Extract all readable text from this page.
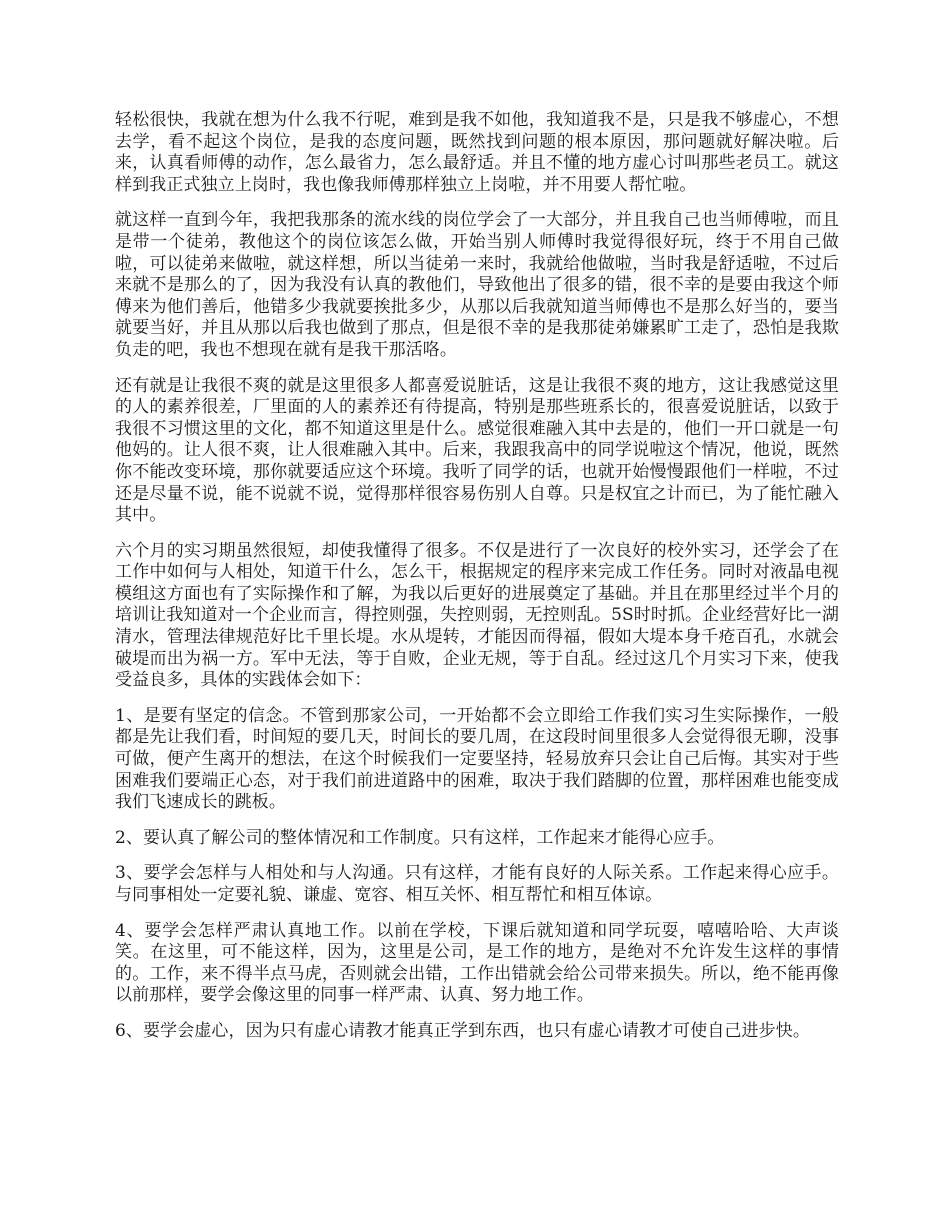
轻松很快，我就在想为什么我不行呢，难到是我不如他，我知道我不是，只是我不够虚心，不想去学，看不起这个岗位，是我的态度问题，既然找到问题的根本原因，那问题就好解决啦。后来，认真看师傅的动作，怎么最省力，怎么最舒适。并且不懂的地方虚心讨叫那些老员工。就这样到我正式独立上岗时，我也像我师傅那样独立上岗啦，并不用要人帮忙啦。

就这样一直到今年，我把我那条的流水线的岗位学会了一大部分，并且我自己也当师傅啦，而且是带一个徒弟，教他这个的岗位该怎么做，开始当别人师傅时我觉得很好玩，终于不用自己做啦，可以徒弟来做啦，就这样想，所以当徒弟一来时，我就给他做啦，当时我是舒适啦，不过后来就不是那么的了，因为我没有认真的教他们，导致他出了很多的错，很不幸的是要由我这个师傅来为他们善后，他错多少我就要挨批多少，从那以后我就知道当师傅也不是那么好当的，要当就要当好，并且从那以后我也做到了那点，但是很不幸的是我那徒弟嫌累旷工走了，恐怕是我欺负走的吧，我也不想现在就有是我干那活咯。

还有就是让我很不爽的就是这里很多人都喜爱说脏话，这是让我很不爽的地方，这让我感觉这里的人的素养很差，厂里面的人的素养还有待提高，特别是那些班系长的，很喜爱说脏话，以致于我很不习惯这里的文化，都不知道这里是什么。感觉很难融入其中去是的，他们一开口就是一句他妈的。让人很不爽，让人很难融入其中。后来，我跟我高中的同学说啦这个情况，他说，既然你不能改变环境，那你就要适应这个环境。我听了同学的话，也就开始慢慢跟他们一样啦，不过还是尽量不说，能不说就不说，觉得那样很容易伤别人自尊。只是权宜之计而已，为了能忙融入其中。

六个月的实习期虽然很短，却使我懂得了很多。不仅是进行了一次良好的校外实习，还学会了在工作中如何与人相处，知道干什么，怎么干，根据规定的程序来完成工作任务。同时对液晶电视模组这方面也有了实际操作和了解，为我以后更好的进展奠定了基础。并且在那里经过半个月的培训让我知道对一个企业而言，得控则强，失控则弱，无控则乱。5S时时抓。企业经营好比一湖清水，管理法律规范好比千里长堤。水从堤转，才能因而得福，假如大堤本身千疮百孔，水就会破堤而出为祸一方。军中无法，等于自败，企业无规，等于自乱。经过这几个月实习下来，使我受益良多，具体的实践体会如下：

1、是要有坚定的信念。不管到那家公司，一开始都不会立即给工作我们实习生实际操作，一般都是先让我们看，时间短的要几天，时间长的要几周，在这段时间里很多人会觉得很无聊，没事可做，便产生离开的想法，在这个时候我们一定要坚持，轻易放弃只会让自己后悔。其实对于些困难我们要端正心态，对于我们前进道路中的困难，取决于我们踏脚的位置，那样困难也能变成我们飞速成长的跳板。

2、要认真了解公司的整体情况和工作制度。只有这样，工作起来才能得心应手。

3、要学会怎样与人相处和与人沟通。只有这样，才能有良好的人际关系。工作起来得心应手。与同事相处一定要礼貌、谦虚、宽容、相互关怀、相互帮忙和相互体谅。

4、要学会怎样严肃认真地工作。以前在学校，下课后就知道和同学玩耍，嘻嘻哈哈、大声谈笑。在这里，可不能这样，因为，这里是公司，是工作的地方，是绝对不允许发生这样的事情的。工作，来不得半点马虎，否则就会出错，工作出错就会给公司带来损失。所以，绝不能再像以前那样，要学会像这里的同事一样严肃、认真、努力地工作。

6、要学会虚心，因为只有虚心请教才能真正学到东西，也只有虚心请教才可使自己进步快。
